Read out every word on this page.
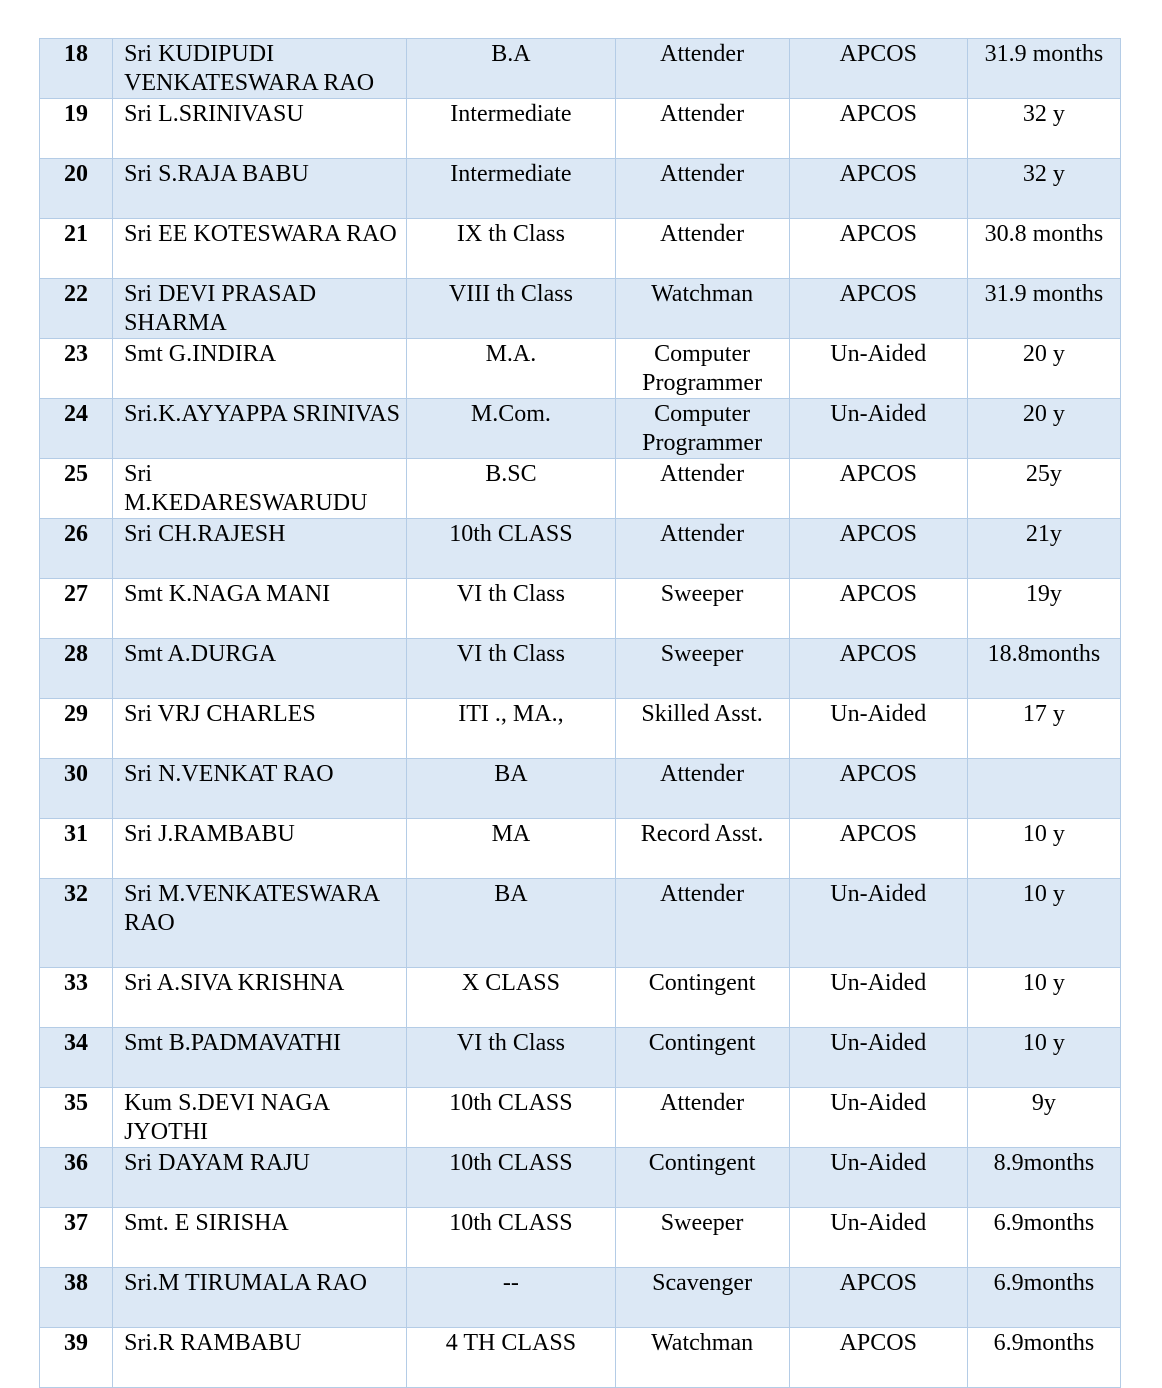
18	Sri KUDIPUDI VENKATESWARA RAO	B.A	Attender	APCOS	31.9 months
19	Sri L.SRINIVASU	Intermediate	Attender	APCOS	32 y
20	Sri S.RAJA BABU	Intermediate	Attender	APCOS	32 y
21	Sri EE KOTESWARA RAO	IX th Class	Attender	APCOS	30.8 months
22	Sri DEVI PRASAD SHARMA	VIII th Class	Watchman	APCOS	31.9 months
23	Smt G.INDIRA	M.A.	Computer Programmer	Un-Aided	20 y
24	Sri.K.AYYAPPA SRINIVAS	M.Com.	Computer Programmer	Un-Aided	20 y
25	Sri M.KEDARESWARUDU	B.SC	Attender	APCOS	25y
26	Sri CH.RAJESH	10th CLASS	Attender	APCOS	21y
27	Smt K.NAGA MANI	VI th Class	Sweeper	APCOS	19y
28	Smt A.DURGA	VI th Class	Sweeper	APCOS	18.8months
29	Sri VRJ CHARLES	ITI ., MA.,	Skilled Asst.	Un-Aided	17 y
30	Sri N.VENKAT RAO	BA	Attender	APCOS	
31	Sri J.RAMBABU	MA	Record Asst.	APCOS	10 y
32	Sri M.VENKATESWARA RAO	BA	Attender	Un-Aided	10 y
33	Sri A.SIVA KRISHNA	X CLASS	Contingent	Un-Aided	10 y
34	Smt B.PADMAVATHI	VI th Class	Contingent	Un-Aided	10 y
35	Kum S.DEVI NAGA JYOTHI	10th CLASS	Attender	Un-Aided	9y
36	Sri DAYAM RAJU	10th CLASS	Contingent	Un-Aided	8.9months
37	Smt. E SIRISHA	10th CLASS	Sweeper	Un-Aided	6.9months
38	Sri.M TIRUMALA RAO	--	Scavenger	APCOS	6.9months
39	Sri.R RAMBABU	4 TH CLASS	Watchman	APCOS	6.9months
